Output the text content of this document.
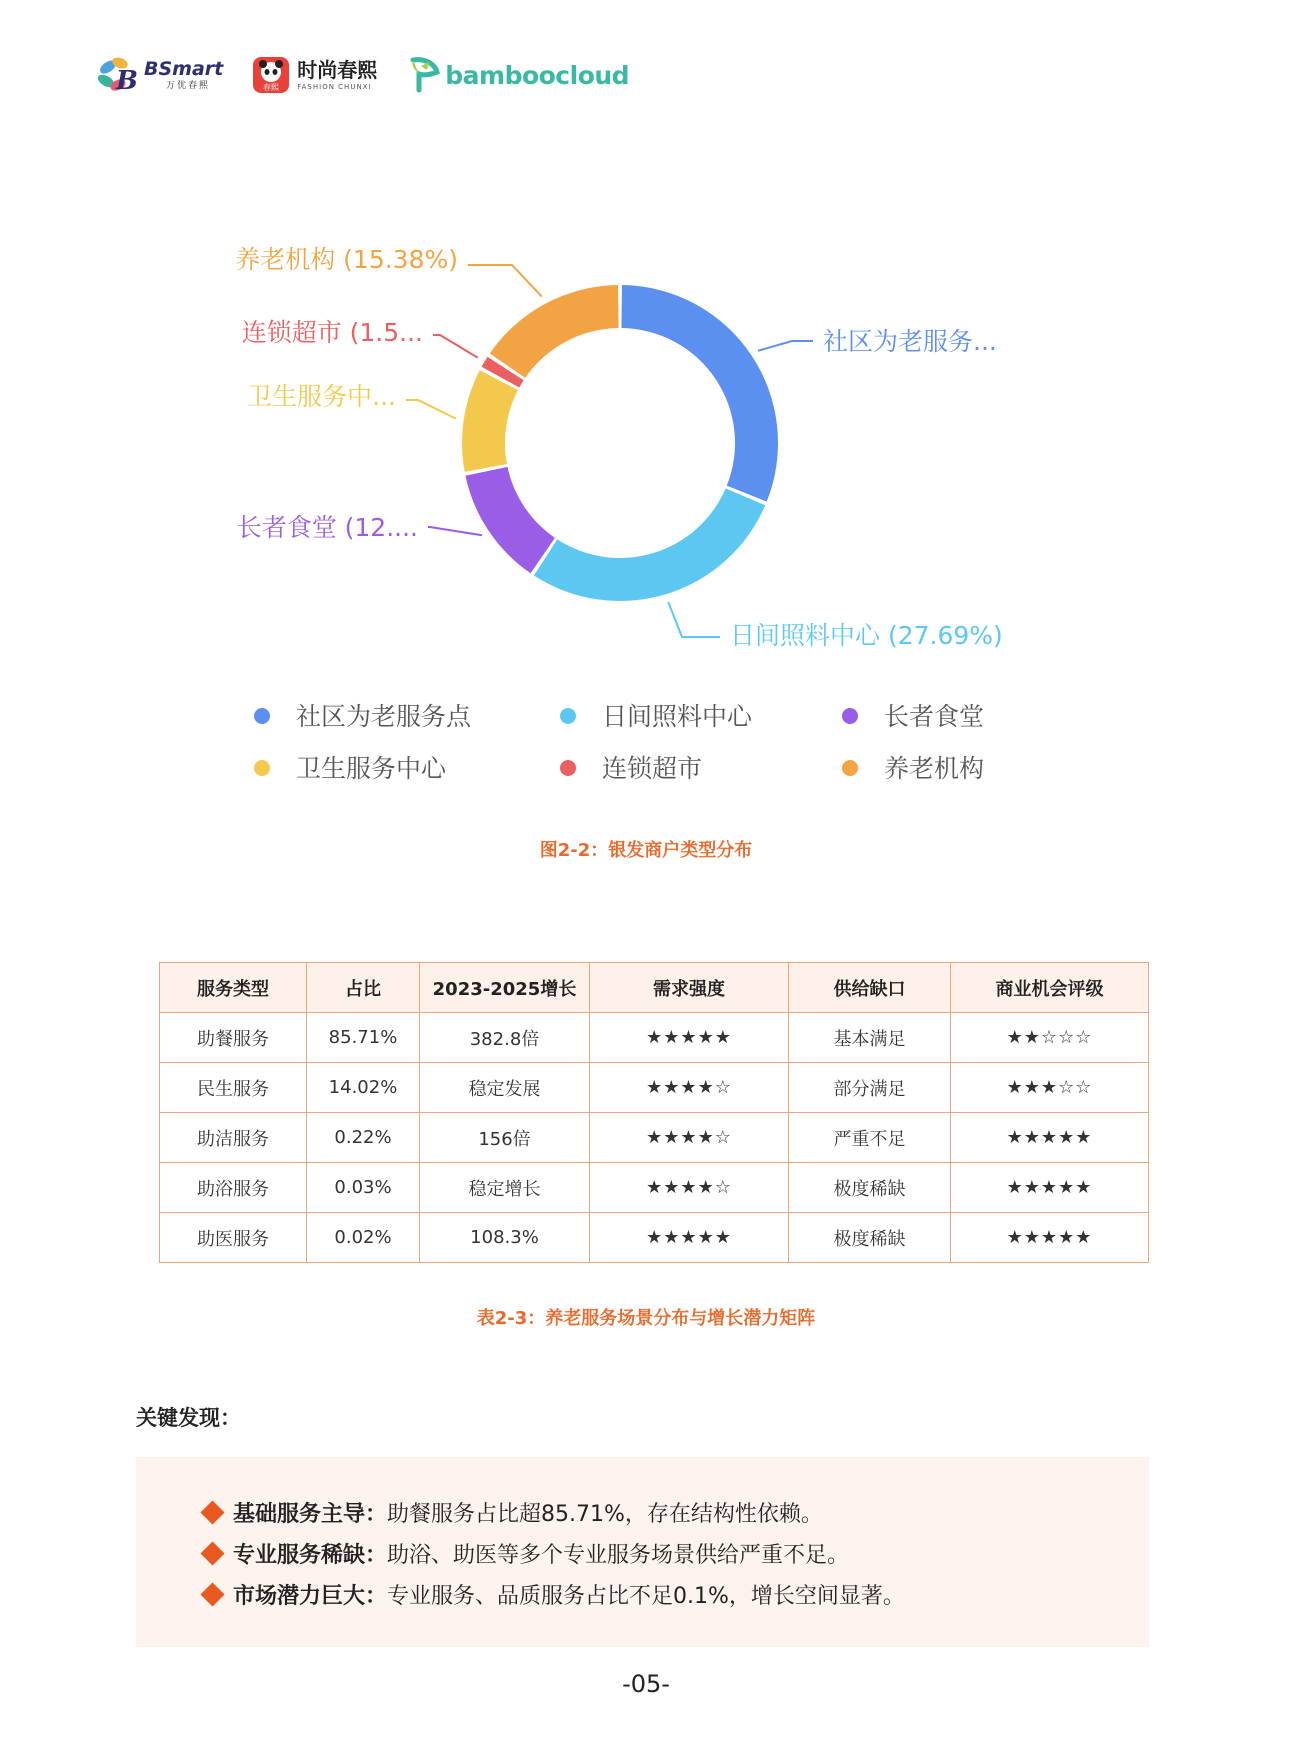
B BSmart
万优春熙	春熙
时尚春熙
FASHION CHUNXI	bamboocloud
社区为老服务...
日间照料中心 (27.69%)
长者食堂 (12....
卫生服务中...
连锁超市 (1.5...
养老机构 (15.38%)
社区为老服务点	日间照料中心	长者食堂
卫生服务中心	连锁超市	养老机构
图2-2：银发商户类型分布
服务类型	占比	2023-2025增长	需求强度	供给缺口	商业机会评级
助餐服务	85.71%	382.8倍	★★★★★	基本满足	★★☆☆☆
民生服务	14.02%	稳定发展	★★★★☆	部分满足	★★★☆☆
助洁服务	0.22%	156倍	★★★★☆	严重不足	★★★★★
助浴服务	0.03%	稳定增长	★★★★☆	极度稀缺	★★★★★
助医服务	0.02%	108.3%	★★★★★	极度稀缺	★★★★★
表2-3：养老服务场景分布与增长潜力矩阵
关键发现：
基础服务主导： 助餐服务占比超85.71%，存在结构性依赖。
专业服务稀缺： 助浴、助医等多个专业服务场景供给严重不足。
市场潜力巨大： 专业服务、品质服务占比不足0.1%，增长空间显著。
-05-
